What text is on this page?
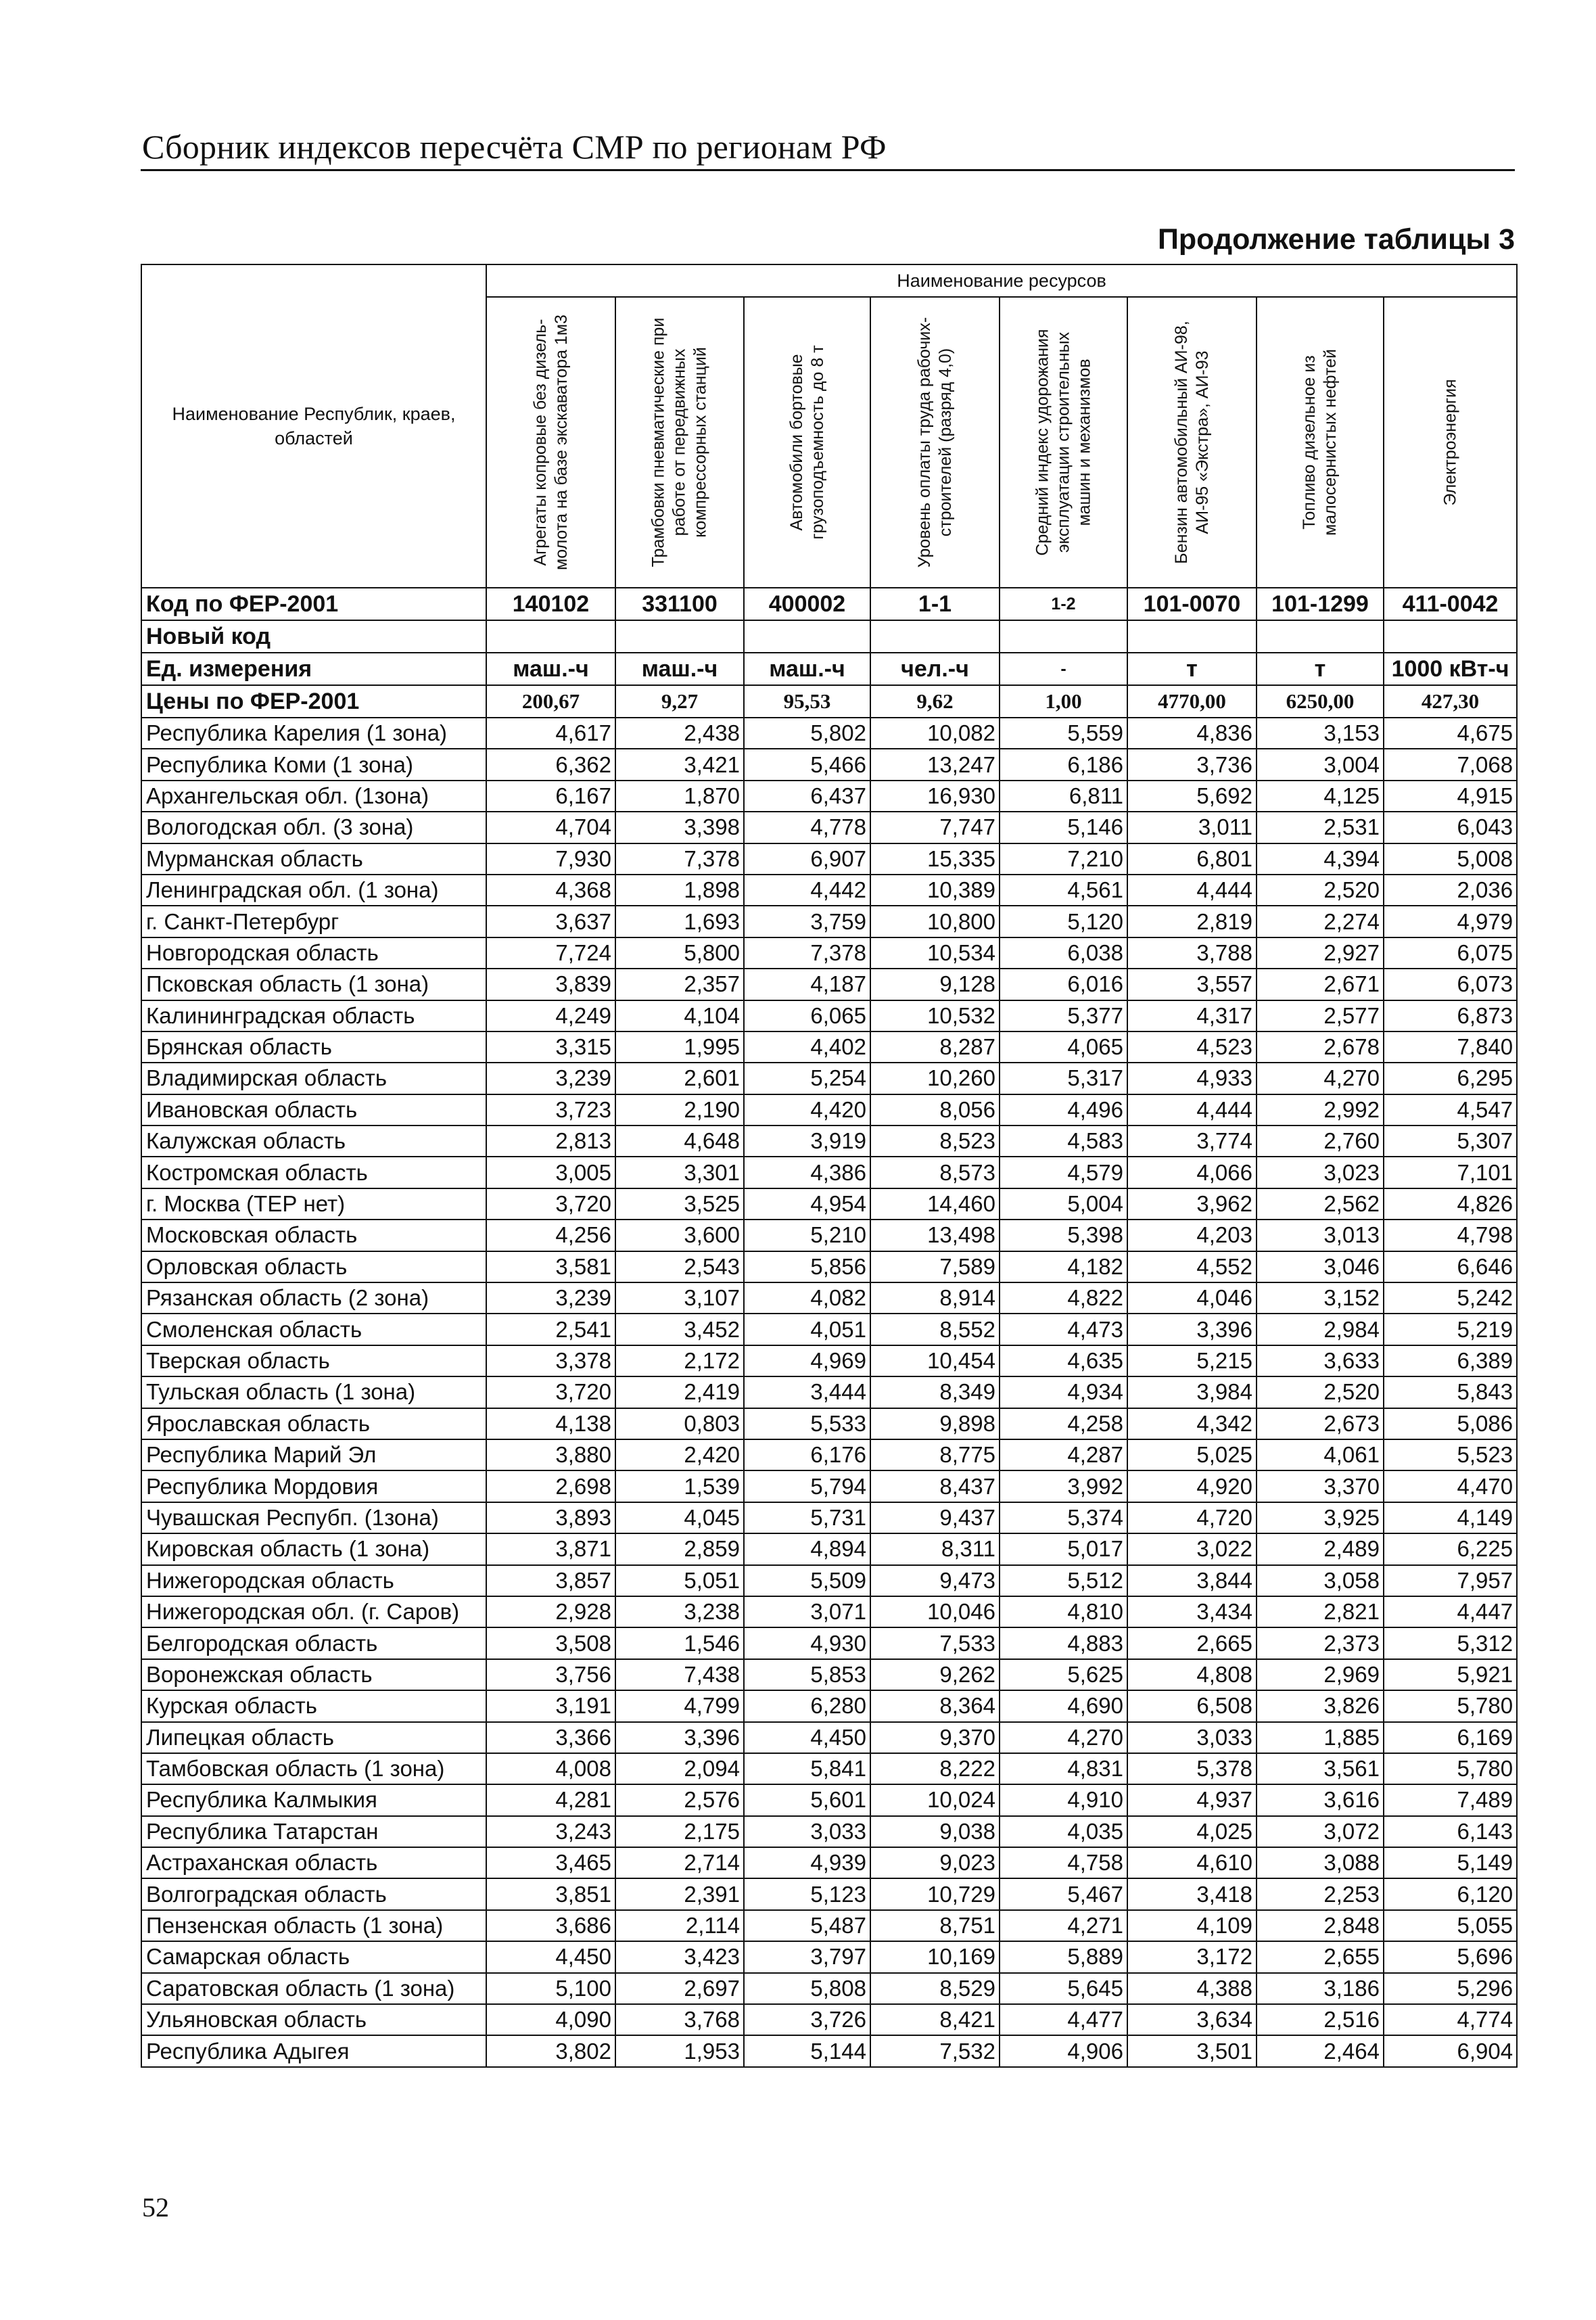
Сборник индексов пересчёта СМР по регионам РФ
Продолжение таблицы 3
Наименование Республик, краев, областей	Наименование ресурсов							

	Агрегаты копровые без дизель-молота на базе экскаватора 1м3	Трамбовки пневматические при работе от передвижных компрессорных станций	Автомобили бортовые грузоподъемность до 8 т	Уровень оплаты труда рабочих-строителей (разряд 4,0)	Средний индекс удорожания эксплуатации строительных машин и механизмов	Бензин автомобильный АИ-98, АИ-95 «Экстра», АИ-93	Топливо дизельное из малосернистых нефтей	Электроэнергия

Код по ФЕР-2001	140102	331100	400002	1-1	1-2	101-0070	101-1299	411-0042
Новый код								
Ед. измерения	маш.-ч	маш.-ч	маш.-ч	чел.-ч	-	т	т	1000 кВт-ч
Цены по ФЕР-2001	200,67	9,27	95,53	9,62	1,00	4770,00	6250,00	427,30
Республика Карелия (1 зона)	4,617	2,438	5,802	10,082	5,559	4,836	3,153	4,675
Республика Коми (1 зона)	6,362	3,421	5,466	13,247	6,186	3,736	3,004	7,068
Архангельская обл. (1зона)	6,167	1,870	6,437	16,930	6,811	5,692	4,125	4,915
Вологодская обл. (3 зона)	4,704	3,398	4,778	7,747	5,146	3,011	2,531	6,043
Мурманская область	7,930	7,378	6,907	15,335	7,210	6,801	4,394	5,008
Ленинградская обл. (1 зона)	4,368	1,898	4,442	10,389	4,561	4,444	2,520	2,036
г. Санкт-Петербург	3,637	1,693	3,759	10,800	5,120	2,819	2,274	4,979
Новгородская область	7,724	5,800	7,378	10,534	6,038	3,788	2,927	6,075
Псковская область (1 зона)	3,839	2,357	4,187	9,128	6,016	3,557	2,671	6,073
Калининградская область	4,249	4,104	6,065	10,532	5,377	4,317	2,577	6,873
Брянская область	3,315	1,995	4,402	8,287	4,065	4,523	2,678	7,840
Владимирская область	3,239	2,601	5,254	10,260	5,317	4,933	4,270	6,295
Ивановская область	3,723	2,190	4,420	8,056	4,496	4,444	2,992	4,547
Калужская область	2,813	4,648	3,919	8,523	4,583	3,774	2,760	5,307
Костромская область	3,005	3,301	4,386	8,573	4,579	4,066	3,023	7,101
г. Москва (ТЕР нет)	3,720	3,525	4,954	14,460	5,004	3,962	2,562	4,826
Московская область	4,256	3,600	5,210	13,498	5,398	4,203	3,013	4,798
Орловская область	3,581	2,543	5,856	7,589	4,182	4,552	3,046	6,646
Рязанская область (2 зона)	3,239	3,107	4,082	8,914	4,822	4,046	3,152	5,242
Смоленская область	2,541	3,452	4,051	8,552	4,473	3,396	2,984	5,219
Тверская область	3,378	2,172	4,969	10,454	4,635	5,215	3,633	6,389
Тульская область (1 зона)	3,720	2,419	3,444	8,349	4,934	3,984	2,520	5,843
Ярославская область	4,138	0,803	5,533	9,898	4,258	4,342	2,673	5,086
Республика Марий Эл	3,880	2,420	6,176	8,775	4,287	5,025	4,061	5,523
Республика Мордовия	2,698	1,539	5,794	8,437	3,992	4,920	3,370	4,470
Чувашская Респубп. (1зона)	3,893	4,045	5,731	9,437	5,374	4,720	3,925	4,149
Кировская область (1 зона)	3,871	2,859	4,894	8,311	5,017	3,022	2,489	6,225
Нижегородская область	3,857	5,051	5,509	9,473	5,512	3,844	3,058	7,957
Нижегородская обл. (г. Саров)	2,928	3,238	3,071	10,046	4,810	3,434	2,821	4,447
Белгородская область	3,508	1,546	4,930	7,533	4,883	2,665	2,373	5,312
Воронежская область	3,756	7,438	5,853	9,262	5,625	4,808	2,969	5,921
Курская область	3,191	4,799	6,280	8,364	4,690	6,508	3,826	5,780
Липецкая область	3,366	3,396	4,450	9,370	4,270	3,033	1,885	6,169
Тамбовская область (1 зона)	4,008	2,094	5,841	8,222	4,831	5,378	3,561	5,780
Республика Калмыкия	4,281	2,576	5,601	10,024	4,910	4,937	3,616	7,489
Республика Татарстан	3,243	2,175	3,033	9,038	4,035	4,025	3,072	6,143
Астраханская область	3,465	2,714	4,939	9,023	4,758	4,610	3,088	5,149
Волгоградская область	3,851	2,391	5,123	10,729	5,467	3,418	2,253	6,120
Пензенская область (1 зона)	3,686	2,114	5,487	8,751	4,271	4,109	2,848	5,055
Самарская область	4,450	3,423	3,797	10,169	5,889	3,172	2,655	5,696
Саратовская область (1 зона)	5,100	2,697	5,808	8,529	5,645	4,388	3,186	5,296
Ульяновская область	4,090	3,768	3,726	8,421	4,477	3,634	2,516	4,774
Республика Адыгея	3,802	1,953	5,144	7,532	4,906	3,501	2,464	6,904
52
